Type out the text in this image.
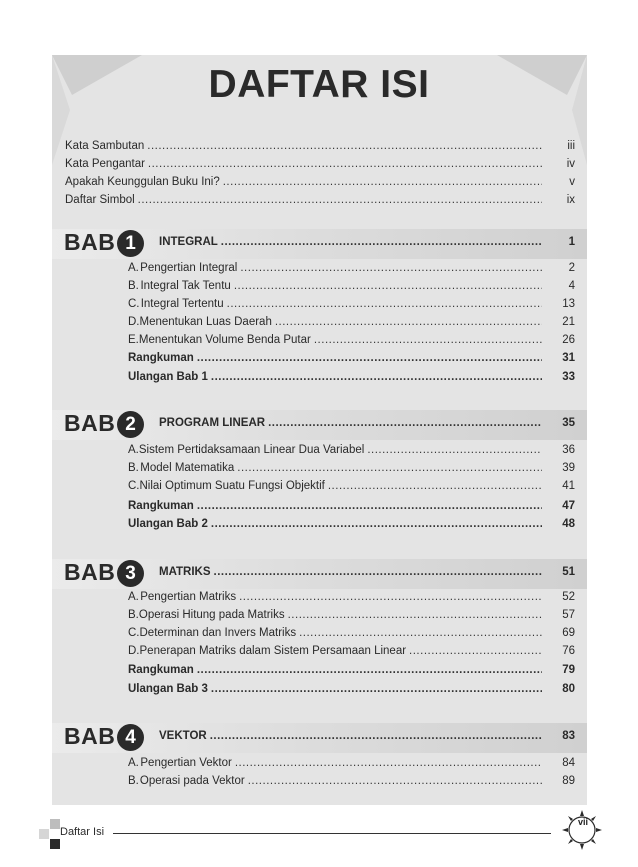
DAFTAR ISI
Kata Sambutan .....	iii
Kata Pengantar .....	iv
Apakah Keunggulan Buku Ini? .....	v
Daftar Simbol .....	ix
BAB 1	INTEGRAL .....	1
A. Pengertian Integral .....	2
B. Integral Tak Tentu .....	4
C. Integral Tertentu .....	13
D. Menentukan Luas Daerah .....	21
E. Menentukan Volume Benda Putar .....	26
Rangkuman .....	31
Ulangan Bab 1 .....	33
BAB 2	PROGRAM LINEAR .....	35
A. Sistem Pertidaksamaan Linear Dua Variabel .....	36
B. Model Matematika .....	39
C. Nilai Optimum Suatu Fungsi Objektif .....	41
Rangkuman .....	47
Ulangan Bab 2 .....	48
BAB 3	MATRIKS .....	51
A. Pengertian Matriks .....	52
B. Operasi Hitung pada Matriks .....	57
C. Determinan dan Invers Matriks .....	69
D. Penerapan Matriks dalam Sistem Persamaan Linear .....	76
Rangkuman .....	79
Ulangan Bab 3 .....	80
BAB 4	VEKTOR .....	83
A. Pengertian Vektor .....	84
B. Operasi pada Vektor .....	89
Daftar Isi
vii
